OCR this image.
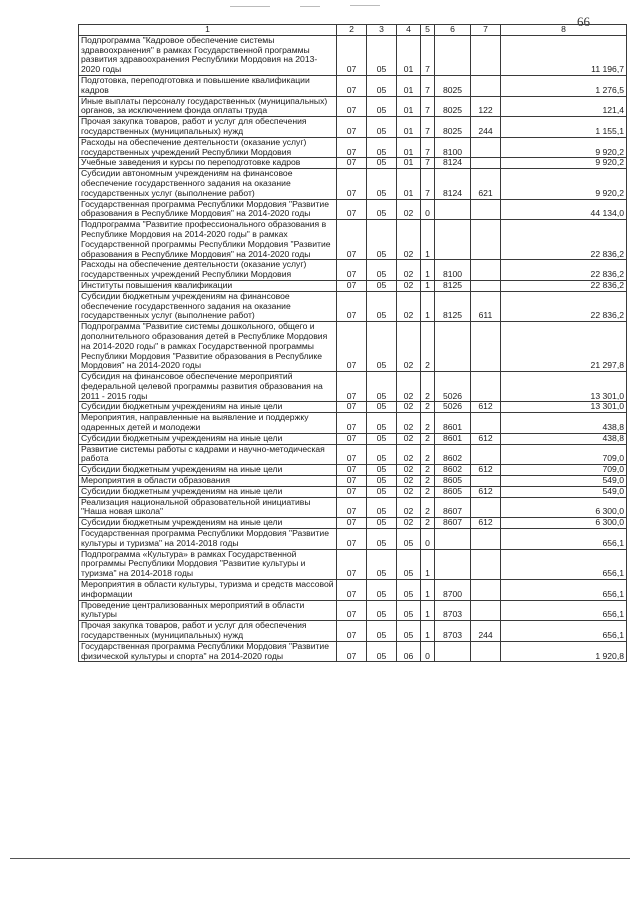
66
1	2	3	4	5	6	7	8
Подпрограмма "Кадровое обеспечение системы здравоохранения" в рамках Государственной программы развития здравоохранения Республики Мордовия на 2013-2020 годы	07	05	01	7			11 196,7
Подготовка, переподготовка и повышение квалификации кадров	07	05	01	7	8025		1 276,5
Иные выплаты персоналу государственных (муниципальных) органов, за исключением фонда оплаты труда	07	05	01	7	8025	122	121,4
Прочая закупка товаров, работ и услуг для обеспечения государственных (муниципальных) нужд	07	05	01	7	8025	244	1 155,1
Расходы на обеспечение деятельности (оказание услуг) государственных учреждений Республики Мордовия	07	05	01	7	8100		9 920,2
Учебные заведения и курсы по переподготовке кадров	07	05	01	7	8124		9 920,2
Субсидии автономным учреждениям на финансовое обеспечение государственного задания на оказание государственных услуг (выполнение работ)	07	05	01	7	8124	621	9 920,2
Государственная программа Республики Мордовия "Развитие образования в Республике Мордовия" на 2014-2020 годы	07	05	02	0			44 134,0
Подпрограмма "Развитие профессионального образования в Республике Мордовия на 2014-2020 годы" в рамках Государственной программы Республики Мордовия "Развитие образования в Республике Мордовия" на 2014-2020 годы	07	05	02	1			22 836,2
Расходы на обеспечение деятельности (оказание услуг) государственных учреждений Республики Мордовия	07	05	02	1	8100		22 836,2
Институты повышения квалификации	07	05	02	1	8125		22 836,2
Субсидии бюджетным учреждениям на финансовое обеспечение государственного задания на оказание государственных услуг (выполнение работ)	07	05	02	1	8125	611	22 836,2
Подпрограмма "Развитие системы дошкольного, общего и дополнительного образования детей в Республике Мордовия на 2014-2020 годы" в рамках Государственной программы Республики Мордовия "Развитие образования в Республике Мордовия" на 2014-2020 годы	07	05	02	2			21 297,8
Субсидия на финансовое обеспечение мероприятий федеральной целевой программы развития образования на 2011 - 2015 годы	07	05	02	2	5026		13 301,0
Субсидии бюджетным учреждениям на иные цели	07	05	02	2	5026	612	13 301,0
Мероприятия, направленные на выявление и поддержку одаренных детей и молодежи	07	05	02	2	8601		438,8
Субсидии бюджетным учреждениям на иные цели	07	05	02	2	8601	612	438,8
Развитие системы работы с кадрами и научно-методическая работа	07	05	02	2	8602		709,0
Субсидии бюджетным учреждениям на иные цели	07	05	02	2	8602	612	709,0
Мероприятия в области образования	07	05	02	2	8605		549,0
Субсидии бюджетным учреждениям на иные цели	07	05	02	2	8605	612	549,0
Реализация национальной образовательной инициативы "Наша новая школа"	07	05	02	2	8607		6 300,0
Субсидии бюджетным учреждениям на иные цели	07	05	02	2	8607	612	6 300,0
Государственная программа Республики Мордовия "Развитие культуры и туризма" на 2014-2018 годы	07	05	05	0			656,1
Подпрограмма «Культура» в рамках Государственной программы Республики Мордовия "Развитие культуры и туризма" на 2014-2018 годы	07	05	05	1			656,1
Мероприятия в области культуры, туризма и средств массовой информации	07	05	05	1	8700		656,1
Проведение централизованных мероприятий в области культуры	07	05	05	1	8703		656,1
Прочая закупка товаров, работ и услуг для обеспечения государственных (муниципальных) нужд	07	05	05	1	8703	244	656,1
Государственная программа Республики Мордовия "Развитие физической культуры и спорта" на 2014-2020 годы	07	05	06	0			1 920,8
